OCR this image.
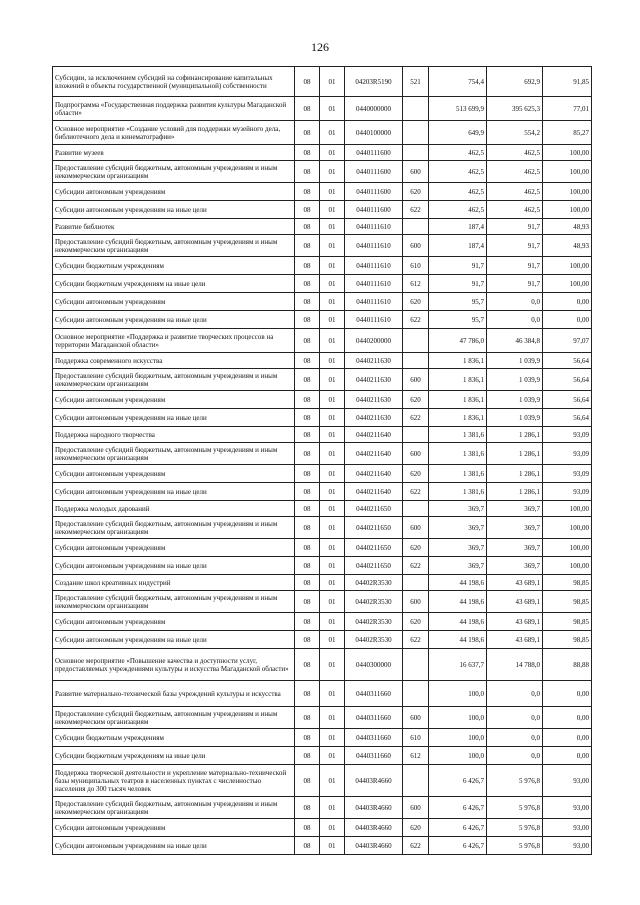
126
Субсидии, за исключением субсидий на софинансирование капитальных вложений в объекты государственной (муниципальной) собственности	08	01	04203R5190	521	754,4	692,9	91,85
Подпрограмма «Государственная поддержка развития культуры Магаданской области»	08	01	0440000000		513 699,9	395 625,3	77,01
Основное мероприятие «Создание условий для поддержки музейного дела, библиотечного дела и кинематографии»	08	01	0440100000		649,9	554,2	85,27
Развитие музеев	08	01	0440111600		462,5	462,5	100,00
Предоставление субсидий бюджетным, автономным учреждениям и иным некоммерческим организациям	08	01	0440111600	600	462,5	462,5	100,00
Субсидии автономным учреждениям	08	01	0440111600	620	462,5	462,5	100,00
Субсидии автономным учреждениям на иные цели	08	01	0440111600	622	462,5	462,5	100,00
Развитие библиотек	08	01	0440111610		187,4	91,7	48,93
Предоставление субсидий бюджетным, автономным учреждениям и иным некоммерческим организациям	08	01	0440111610	600	187,4	91,7	48,93
Субсидии бюджетным учреждениям	08	01	0440111610	610	91,7	91,7	100,00
Субсидии бюджетным учреждениям на иные цели	08	01	0440111610	612	91,7	91,7	100,00
Субсидии автономным учреждениям	08	01	0440111610	620	95,7	0,0	0,00
Субсидии автономным учреждениям на иные цели	08	01	0440111610	622	95,7	0,0	0,00
Основное мероприятие «Поддержка и развитие творческих процессов на территории Магаданской области»	08	01	0440200000		47 786,0	46 384,8	97,07
Поддержка современного искусства	08	01	0440211630		1 836,1	1 039,9	56,64
Предоставление субсидий бюджетным, автономным учреждениям и иным некоммерческим организациям	08	01	0440211630	600	1 836,1	1 039,9	56,64
Субсидии автономным учреждениям	08	01	0440211630	620	1 836,1	1 039,9	56,64
Субсидии автономным учреждениям на иные цели	08	01	0440211630	622	1 836,1	1 039,9	56,64
Поддержка народного творчества	08	01	0440211640		1 381,6	1 286,1	93,09
Предоставление субсидий бюджетным, автономным учреждениям и иным некоммерческим организациям	08	01	0440211640	600	1 381,6	1 286,1	93,09
Субсидии автономным учреждениям	08	01	0440211640	620	1 381,6	1 286,1	93,09
Субсидии автономным учреждениям на иные цели	08	01	0440211640	622	1 381,6	1 286,1	93,09
Поддержка молодых дарований	08	01	0440211650		369,7	369,7	100,00
Предоставление субсидий бюджетным, автономным учреждениям и иным некоммерческим организациям	08	01	0440211650	600	369,7	369,7	100,00
Субсидии автономным учреждениям	08	01	0440211650	620	369,7	369,7	100,00
Субсидии автономным учреждениям на иные цели	08	01	0440211650	622	369,7	369,7	100,00
Создание школ креативных индустрий	08	01	04402R3530		44 198,6	43 689,1	98,85
Предоставление субсидий бюджетным, автономным учреждениям и иным некоммерческим организациям	08	01	04402R3530	600	44 198,6	43 689,1	98,85
Субсидии автономным учреждениям	08	01	04402R3530	620	44 198,6	43 689,1	98,85
Субсидии автономным учреждениям на иные цели	08	01	04402R3530	622	44 198,6	43 689,1	98,85
Основное мероприятие «Повышение качества и доступности услуг, предоставляемых учреждениями культуры и искусства Магаданской области»	08	01	0440300000		16 637,7	14 788,0	88,88
Развитие материально-технической базы учреждений культуры и искусства	08	01	0440311660		100,0	0,0	0,00
Предоставление субсидий бюджетным, автономным учреждениям и иным некоммерческим организациям	08	01	0440311660	600	100,0	0,0	0,00
Субсидии бюджетным учреждениям	08	01	0440311660	610	100,0	0,0	0,00
Субсидии бюджетным учреждениям на иные цели	08	01	0440311660	612	100,0	0,0	0,00
Поддержка творческой деятельности и укрепление материально-технической базы муниципальных театров в населенных пунктах с численностью населения до 300 тысяч человек	08	01	04403R4660		6 426,7	5 976,8	93,00
Предоставление субсидий бюджетным, автономным учреждениям и иным некоммерческим организациям	08	01	04403R4660	600	6 426,7	5 976,8	93,00
Субсидии автономным учреждениям	08	01	04403R4660	620	6 426,7	5 976,8	93,00
Субсидии автономным учреждениям на иные цели	08	01	04403R4660	622	6 426,7	5 976,8	93,00
